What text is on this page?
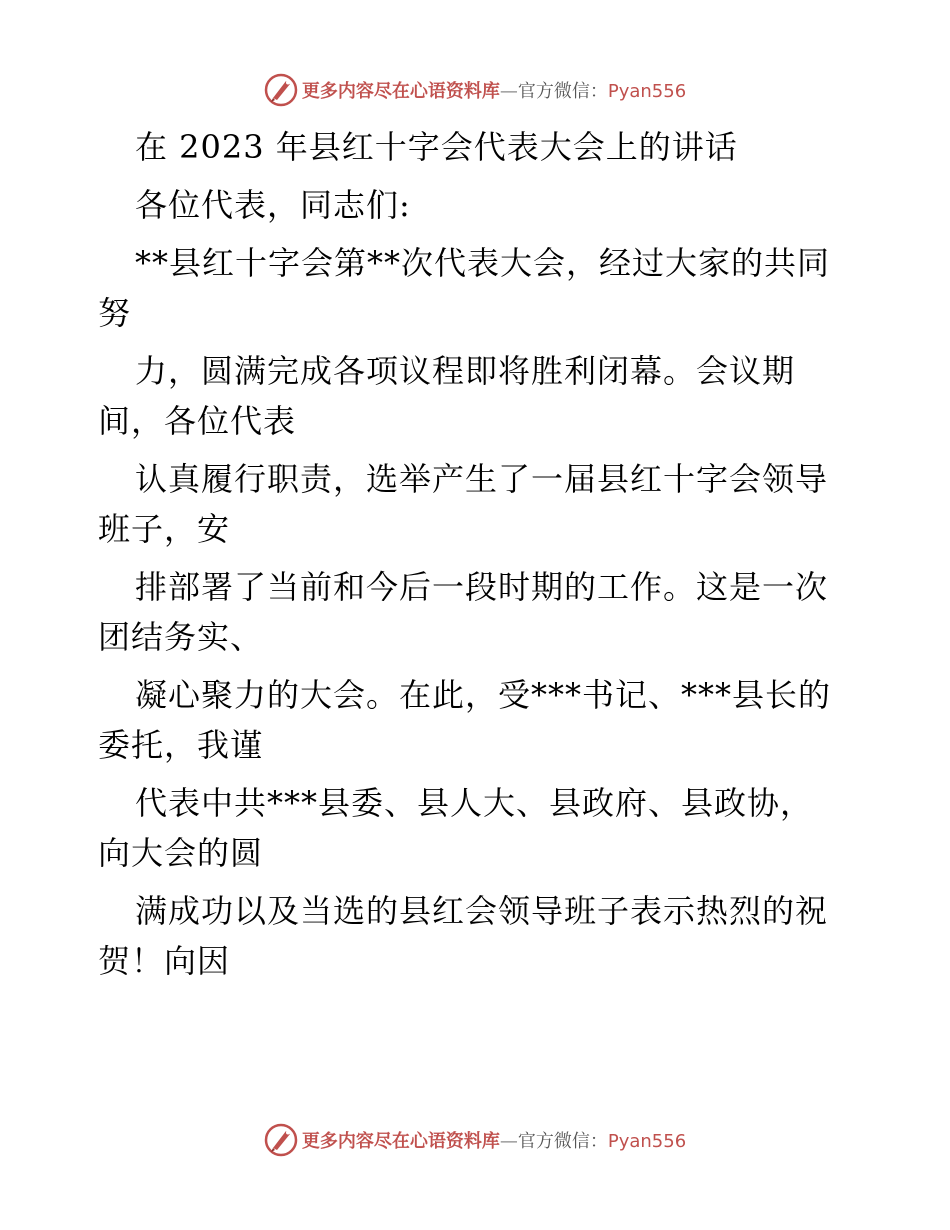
更多内容尽在心语资料库—官方微信：Pyan556
在 2023 年县红十字会代表大会上的讲话
各位代表，同志们:
**县红十字会第**次代表大会，经过大家的共同
努
力，圆满完成各项议程即将胜利闭幕。会议期
间，各位代表
认真履行职责，选举产生了一届县红十字会领导
班子，安
排部署了当前和今后一段时期的工作。这是一次
团结务实、
凝心聚力的大会。在此，受***书记、***县长的
委托，我谨
代表中共***县委、县人大、县政府、县政协，
向大会的圆
满成功以及当选的县红会领导班子表示热烈的祝
贺！向因
更多内容尽在心语资料库—官方微信：Pyan556
